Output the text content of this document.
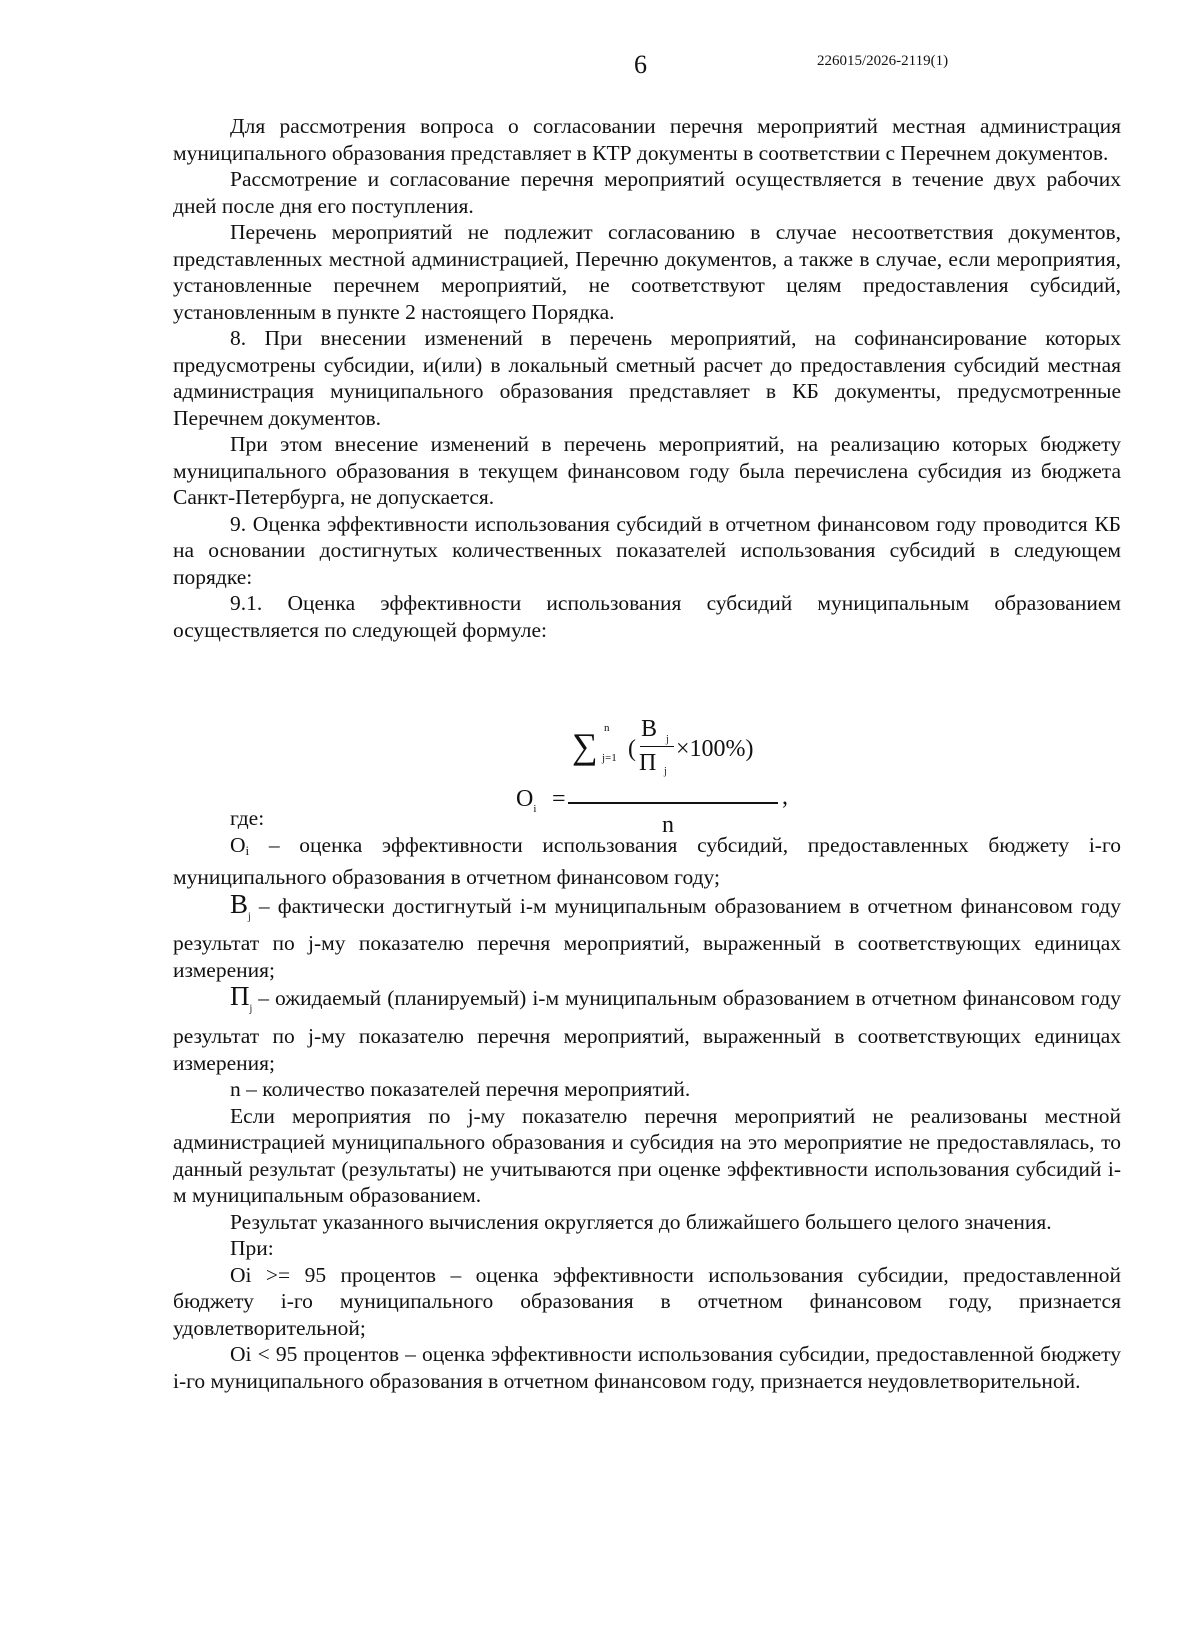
6	226015/2026-2119(1)

Для рассмотрения вопроса о согласовании перечня мероприятий местная администрация муниципального образования представляет в КТР документы в соответствии с Перечнем документов.

Рассмотрение и согласование перечня мероприятий осуществляется в течение двух рабочих дней после дня его поступления.

Перечень мероприятий не подлежит согласованию в случае несоответствия документов, представленных местной администрацией, Перечню документов, а также в случае, если мероприятия, установленные перечнем мероприятий, не соответствуют целям предоставления субсидий, установленным в пункте 2 настоящего Порядка.

8. При внесении изменений в перечень мероприятий, на софинансирование которых предусмотрены субсидии, и(или) в локальный сметный расчет до предоставления субсидий местная администрация муниципального образования представляет в КБ документы, предусмотренные Перечнем документов.

При этом внесение изменений в перечень мероприятий, на реализацию которых бюджету муниципального образования в текущем финансовом году была перечислена субсидия из бюджета Санкт-Петербурга, не допускается.

9. Оценка эффективности использования субсидий в отчетном финансовом году проводится КБ на основании достигнутых количественных показателей использования субсидий в следующем порядке:

9.1. Оценка эффективности использования субсидий муниципальным образованием осуществляется по следующей формуле:

где:

Oi – оценка эффективности использования субсидий, предоставленных бюджету i-го муниципального образования в отчетном финансовом году;

$B_j$ – фактически достигнутый i-м муниципальным образованием в отчетном финансовом году результат по j-му показателю перечня мероприятий, выраженный в соответствующих единицах измерения;

$П_j$ – ожидаемый (планируемый) i-м муниципальным образованием в отчетном финансовом году результат по j-му показателю перечня мероприятий, выраженный в соответствующих единицах измерения;

n – количество показателей перечня мероприятий.

Если мероприятия по j-му показателю перечня мероприятий не реализованы местной администрацией муниципального образования и субсидия на это мероприятие не предоставлялась, то данный результат (результаты) не учитываются при оценке эффективности использования субсидий i-м муниципальным образованием.

Результат указанного вычисления округляется до ближайшего большего целого значения.

При:

Oi >= 95 процентов – оценка эффективности использования субсидии, предоставленной бюджету i-го муниципального образования в отчетном финансовом году, признается удовлетворительной;

Oi < 95 процентов – оценка эффективности использования субсидии, предоставленной бюджету i-го муниципального образования в отчетном финансовом году, признается неудовлетворительной.

$O_i$ =
∑ n
j=1 (
B j
П j
×100%)
n
,
